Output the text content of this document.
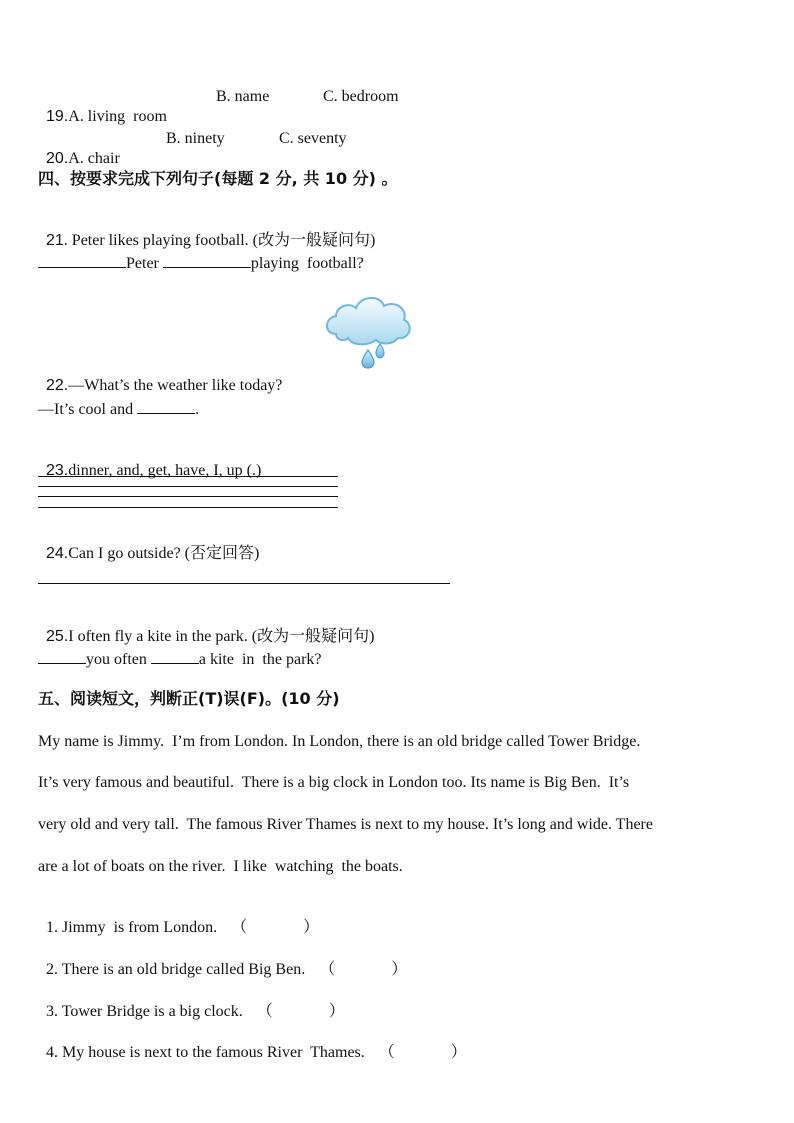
19.A. living  room

B. name	C. bedroom

20.A. chair

B. ninety	C. seventy
四、按要求完成下列句子(每题 2 分, 共 10 分) 。

21. Peter likes playing football. (改为一般疑问句)

Peter	playing  football?

22.—What’s the weather like today?

—It’s cool and	.

23.dinner, and, get, have, I, up (.)

24.Can I go outside? (否定回答)

25.I often fly a kite in the park. (改为一般疑问句)

you often	a kite  in  the park?
五、阅读短文，判断正(T)误(F)。(10 分)
My name is Jimmy.  I’m from London. In London, there is an old bridge called Tower Bridge.
It’s very famous and beautiful.  There is a big clock in London too. Its name is Big Ben.  It’s
very old and very tall.  The famous River Thames is next to my house. It’s long and wide. There
are a lot of boats on the river.  I like  watching  the boats.

1. Jimmy  is from London. （              ）

2. There is an old bridge called Big Ben. （              ）

3. Tower Bridge is a big clock. （              ）

4. My house is next to the famous River  Thames. （              ）
